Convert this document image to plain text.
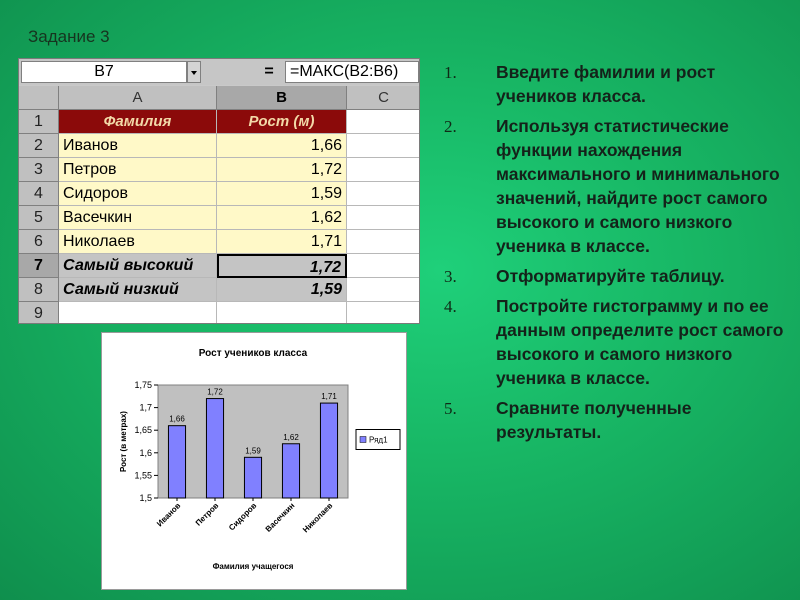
Задание 3
B7	=	=МАКС(B2:B6)
A	B	C
1	Фамилия	Рост (м)
2	Иванов	1,66
3	Петров	1,72
4	Сидоров	1,59
5	Васечкин	1,62
6	Николаев	1,71
7	Самый высокий	1,72
8	Самый низкий	1,59
9
Рост учеников класса
1,5
1,55
1,6
1,65
1,7
1,75
Рост (в метрах)	1,66
Иванов
1,72
Петров
1,59
Сидоров
1,62
Васечкин
1,71
Николаев
Фамилия учащегося
Ряд1
1.	Введите фамилии и рост учеников класса.
2.	Используя статистические функции нахождения максимального и минимального значений, найдите рост самого высокого и самого низкого ученика в классе.
3.	Отформатируйте таблицу.
4.	Постройте гистограмму и по ее данным определите рост самого высокого и самого низкого ученика в классе.
5.	Сравните полученные результаты.
